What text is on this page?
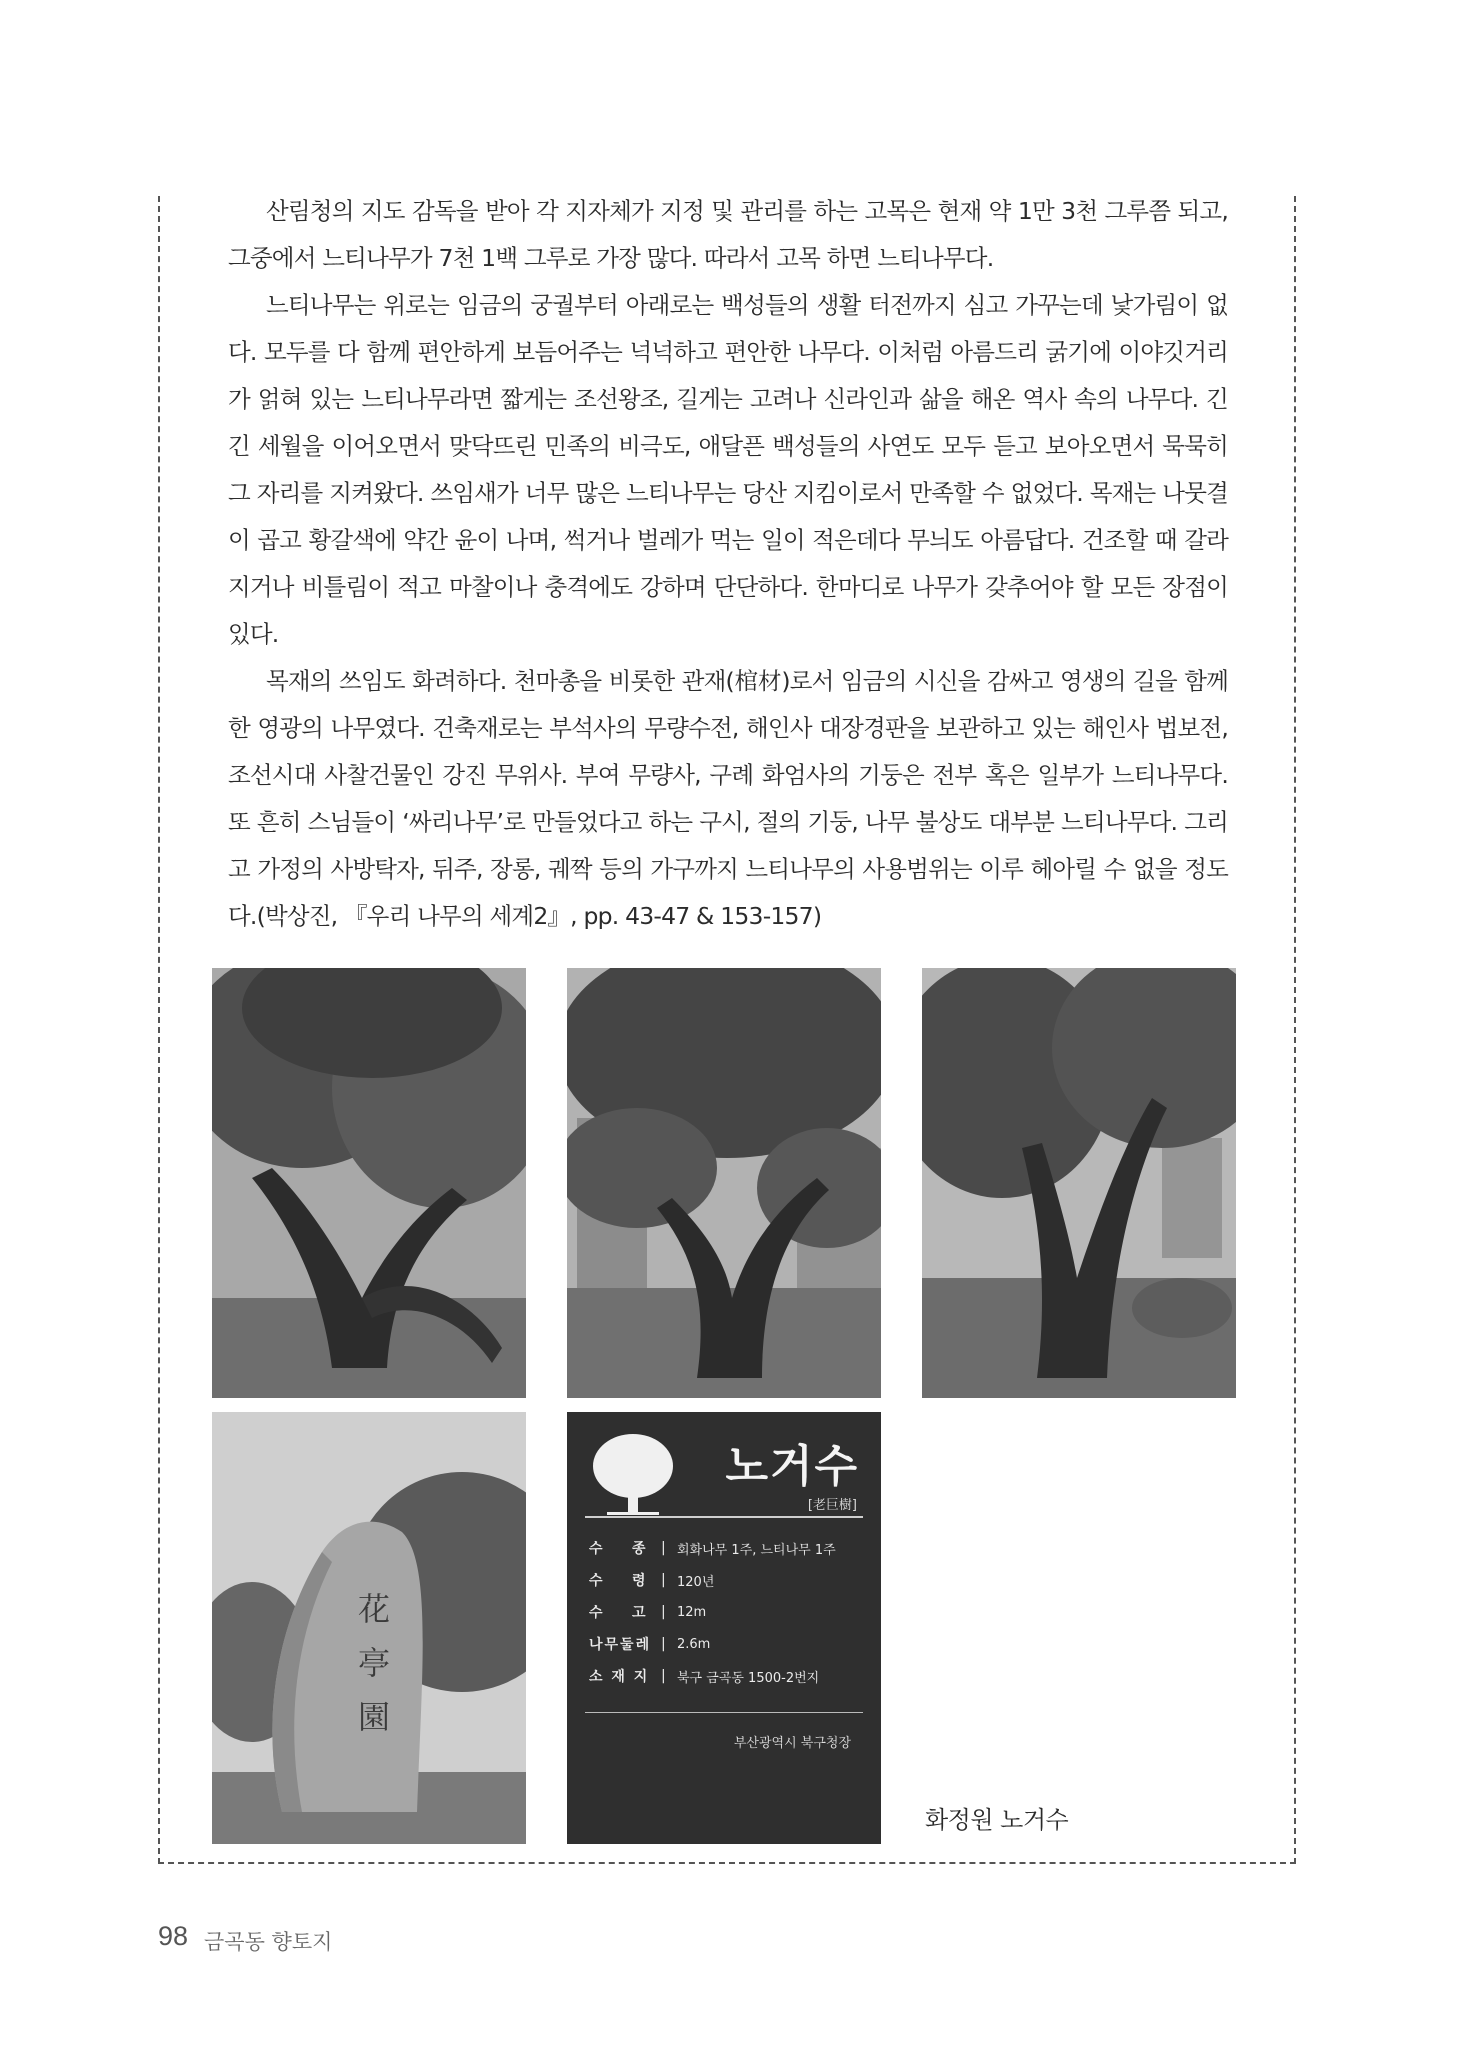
산림청의 지도 감독을 받아 각 지자체가 지정 및 관리를 하는 고목은 현재 약 1만 3천 그루쯤 되고, 그중에서 느티나무가 7천 1백 그루로 가장 많다. 따라서 고목 하면 느티나무다.

느티나무는 위로는 임금의 궁궐부터 아래로는 백성들의 생활 터전까지 심고 가꾸는데 낯가림이 없다. 모두를 다 함께 편안하게 보듬어주는 넉넉하고 편안한 나무다. 이처럼 아름드리 굵기에 이야깃거리가 얽혀 있는 느티나무라면 짧게는 조선왕조, 길게는 고려나 신라인과 삶을 해온 역사 속의 나무다. 긴긴 세월을 이어오면서 맞닥뜨린 민족의 비극도, 애달픈 백성들의 사연도 모두 듣고 보아오면서 묵묵히 그 자리를 지켜왔다. 쓰임새가 너무 많은 느티나무는 당산 지킴이로서 만족할 수 없었다. 목재는 나뭇결이 곱고 황갈색에 약간 윤이 나며, 썩거나 벌레가 먹는 일이 적은데다 무늬도 아름답다. 건조할 때 갈라지거나 비틀림이 적고 마찰이나 충격에도 강하며 단단하다. 한마디로 나무가 갖추어야 할 모든 장점이 있다.

목재의 쓰임도 화려하다. 천마총을 비롯한 관재(棺材)로서 임금의 시신을 감싸고 영생의 길을 함께한 영광의 나무였다. 건축재로는 부석사의 무량수전, 해인사 대장경판을 보관하고 있는 해인사 법보전, 조선시대 사찰건물인 강진 무위사. 부여 무량사, 구례 화엄사의 기둥은 전부 혹은 일부가 느티나무다. 또 흔히 스님들이 ‘싸리나무’로 만들었다고 하는 구시, 절의 기둥, 나무 불상도 대부분 느티나무다. 그리고 가정의 사방탁자, 뒤주, 장롱, 궤짝 등의 가구까지 느티나무의 사용범위는 이루 헤아릴 수 없을 정도다.(박상진, 『우리 나무의 세계2』, pp. 43-47 & 153-157)

花亭園
노거수
[老巨樹]
수    종 | 회화나무 1주, 느티나무 1주
수    령 | 120년
수    고 | 12m
나무둘레 | 2.6m
소 재 지 | 북구 금곡동 1500-2번지
부산광역시 북구청장
화정원 노거수
98 금곡동 향토지
